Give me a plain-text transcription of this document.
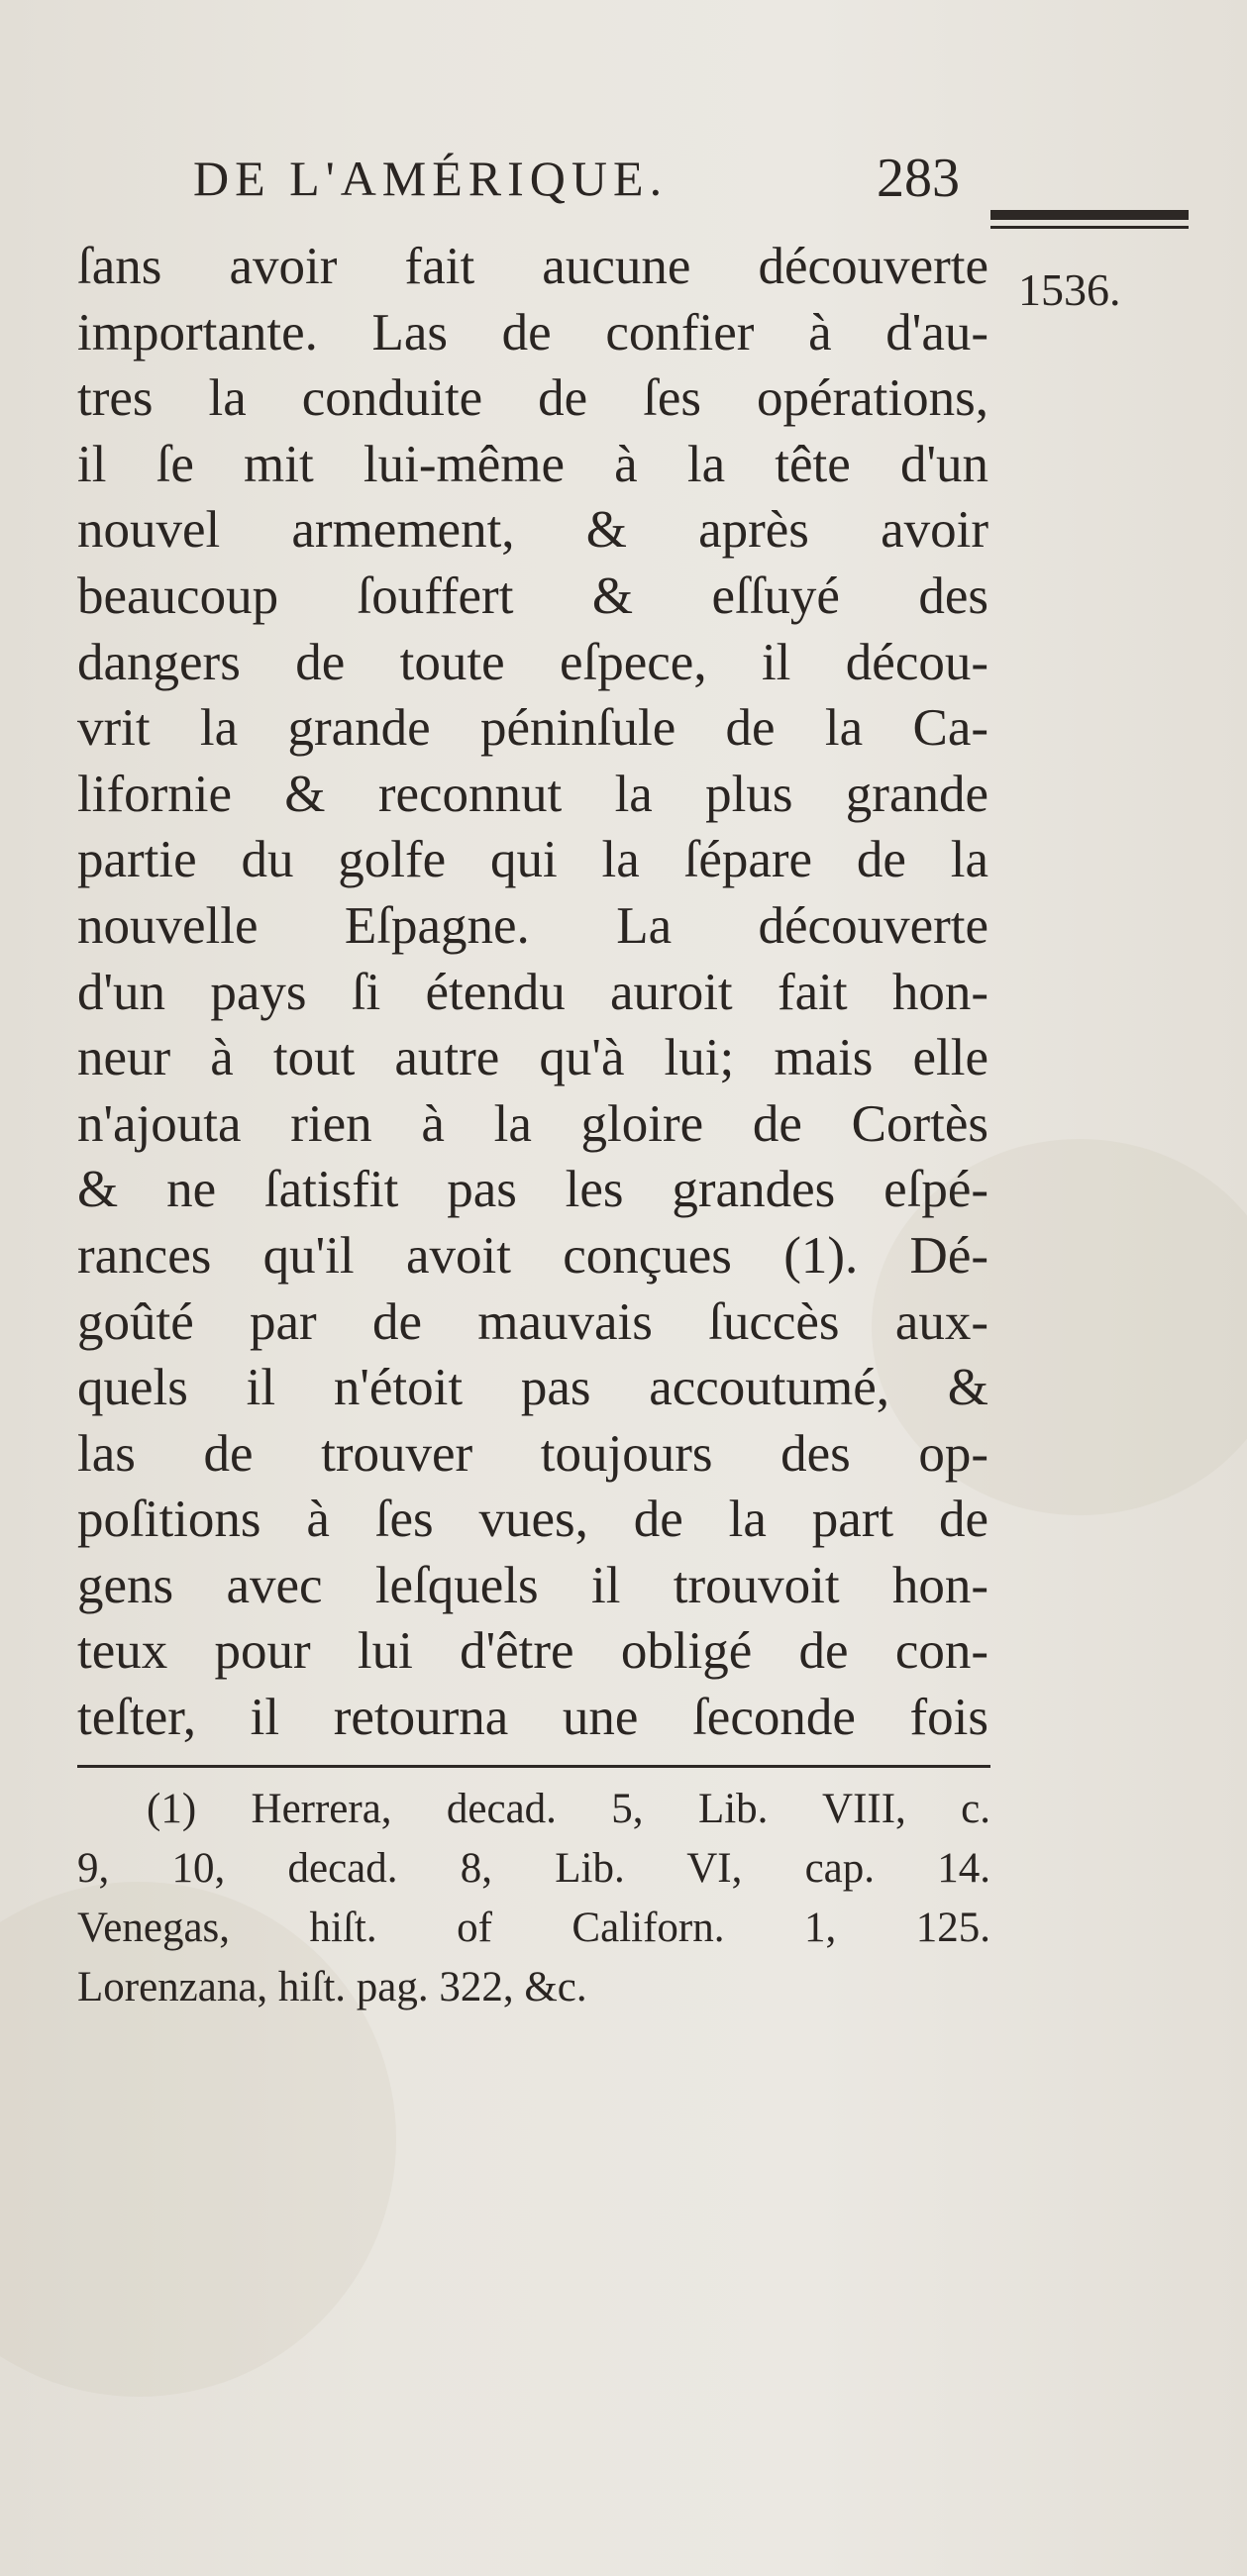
DE L'AMÉRIQUE.	283
1536.
ſans avoir fait aucune découverte
importante. Las de confier à d'au-
tres la conduite de ſes opérations,
il ſe mit lui-même à la tête d'un
nouvel armement, & après avoir
beaucoup ſouffert & eſſuyé des
dangers de toute eſpece, il décou-
vrit la grande péninſule de la Ca-
lifornie & reconnut la plus grande
partie du golfe qui la ſépare de la
nouvelle Eſpagne. La découverte
d'un pays ſi étendu auroit fait hon-
neur à tout autre qu'à lui; mais elle
n'ajouta rien à la gloire de Cortès
& ne ſatisfit pas les grandes eſpé-
rances qu'il avoit conçues (1). Dé-
goûté par de mauvais ſuccès aux-
quels il n'étoit pas accoutumé, &
las de trouver toujours des op-
poſitions à ſes vues, de la part de
gens avec leſquels il trouvoit hon-
teux pour lui d'être obligé de con-
teſter, il retourna une ſeconde fois
(1) Herrera, decad. 5, Lib. VIII, c.
9, 10, decad. 8, Lib. VI, cap. 14.
Venegas, hiſt. of Californ. 1, 125.
Lorenzana, hiſt. pag. 322, &c.
